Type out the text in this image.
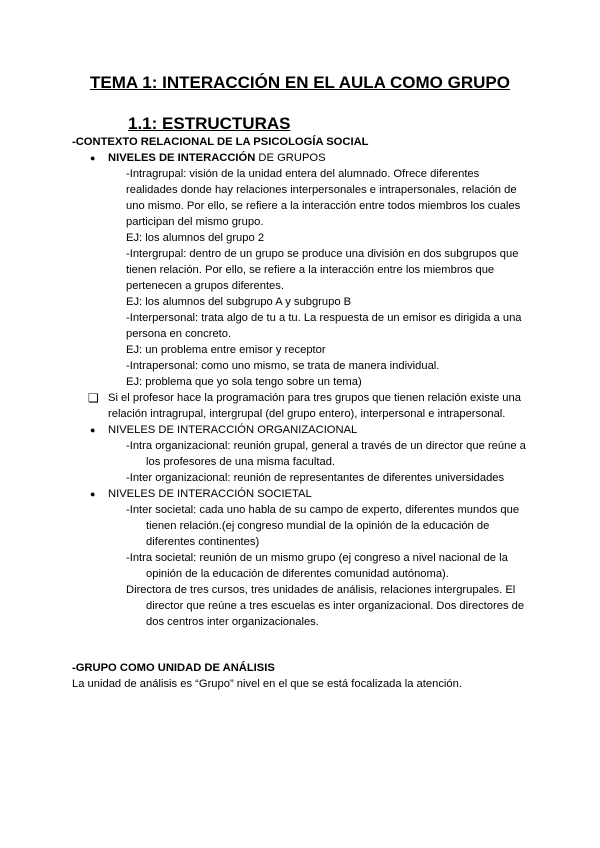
TEMA 1: INTERACCIÓN EN EL AULA COMO GRUPO
1.1: ESTRUCTURAS
-CONTEXTO RELACIONAL DE LA PSICOLOGÍA SOCIAL
● NIVELES DE INTERACCIÓN DE GRUPOS
-Intragrupal: visión de la unidad entera del alumnado. Ofrece diferentes realidades donde hay relaciones interpersonales e intrapersonales, relación de uno mismo. Por ello, se refiere a la interacción entre todos miembros los cuales participan del mismo grupo.
EJ: los alumnos del grupo 2
-Intergrupal: dentro de un grupo se produce una división en dos subgrupos que tienen relación. Por ello, se refiere a la interacción entre los miembros que pertenecen a grupos diferentes.
EJ: los alumnos del subgrupo A y subgrupo B
-Interpersonal: trata algo de tu a tu. La respuesta de un emisor es dirigida a una persona en concreto.
EJ: un problema entre emisor y receptor
-Intrapersonal: como uno mismo, se trata de manera individual.
EJ: problema que yo sola tengo sobre un tema)
❏ Si el profesor hace la programación para tres grupos que tienen relación existe una relación intragrupal, intergrupal (del grupo entero), interpersonal e intrapersonal.
● NIVELES DE INTERACCIÓN ORGANIZACIONAL
-Intra organizacional: reunión grupal, general a través de un director que reúne a los profesores de una misma facultad.
-Inter organizacional: reunión de representantes de diferentes universidades
● NIVELES DE INTERACCIÓN SOCIETAL
-Inter societal: cada uno habla de su campo de experto, diferentes mundos que tienen relación.(ej congreso mundial de la opinión de la educación de diferentes continentes)
-Intra societal: reunión de un mismo grupo (ej congreso a nivel nacional de la opinión de la educación de diferentes comunidad autónoma).
Directora de tres cursos, tres unidades de análisis, relaciones intergrupales. El director que reúne a tres escuelas es inter organizacional. Dos directores de dos centros inter organizacionales.
-GRUPO COMO UNIDAD DE ANÁLISIS
La unidad de análisis es “Grupo” nivel en el que se está focalizada la atención.
